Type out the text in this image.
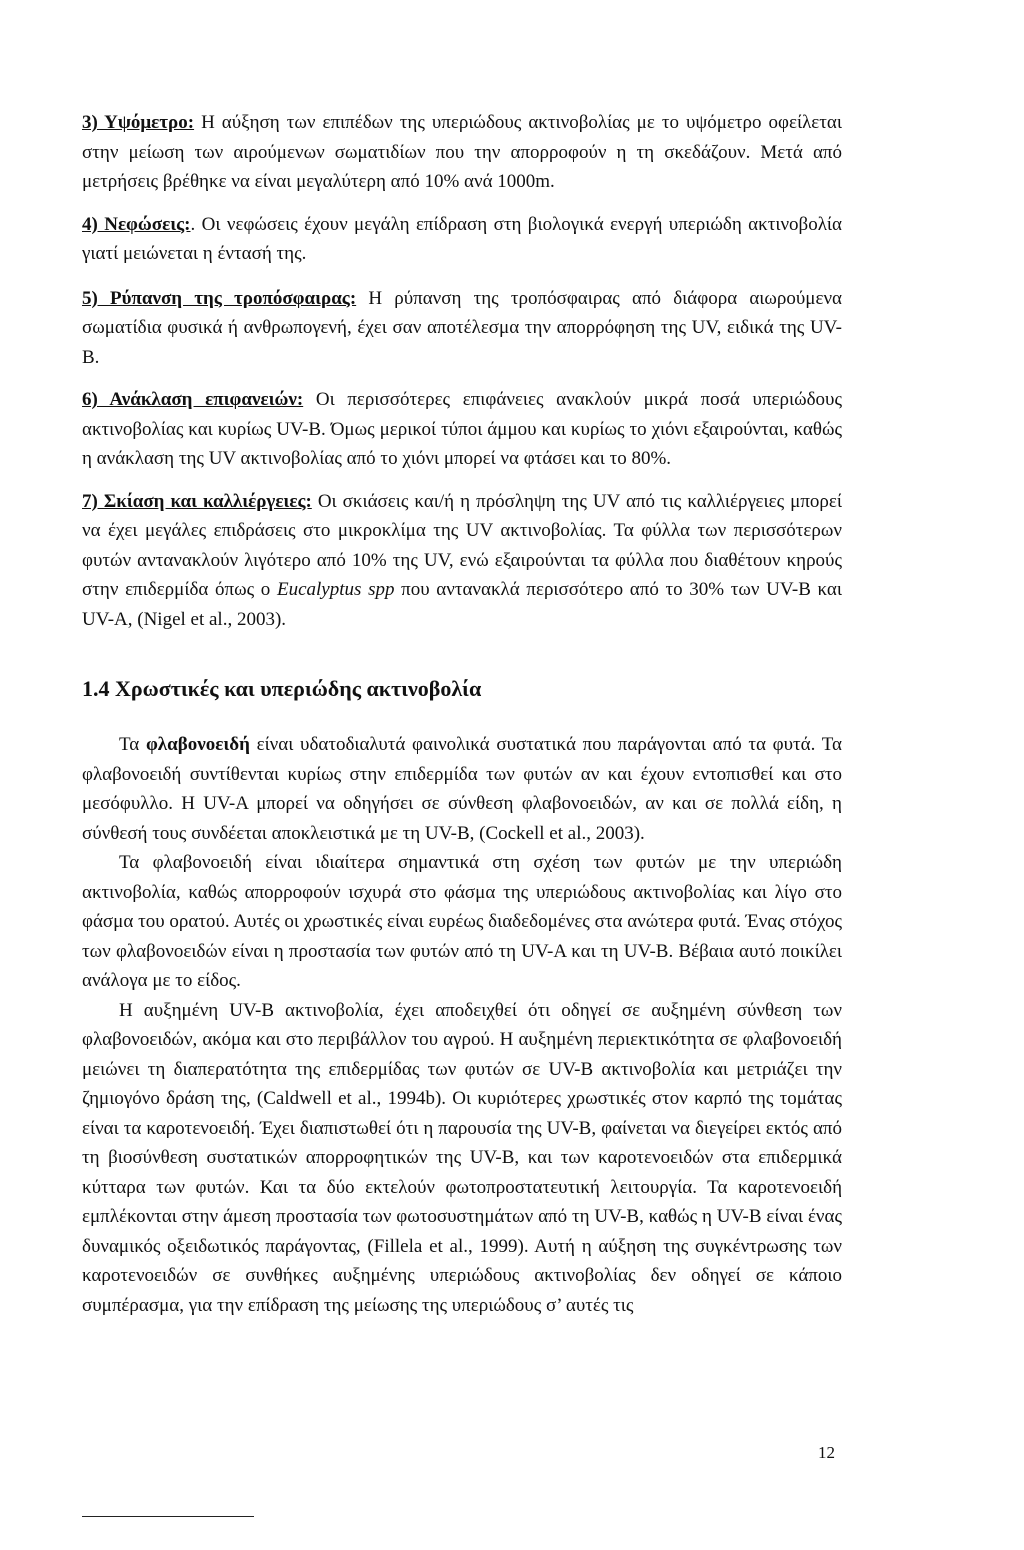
3) Υψόμετρο: Η αύξηση των επιπέδων της υπεριώδους ακτινοβολίας με το υψόμετρο οφείλεται στην μείωση των αιρούμενων σωματιδίων που την απορροφούν η τη σκεδάζουν. Μετά από μετρήσεις βρέθηκε να είναι μεγαλύτερη από 10% ανά 1000m.

4) Νεφώσεις:. Οι νεφώσεις έχουν μεγάλη επίδραση στη βιολογικά ενεργή υπεριώδη ακτινοβολία γιατί μειώνεται η έντασή της.

5) Ρύπανση της τροπόσφαιρας: Η ρύπανση της τροπόσφαιρας από διάφορα αιωρούμενα σωματίδια φυσικά ή ανθρωπογενή, έχει σαν αποτέλεσμα την απορρόφηση της UV, ειδικά της UV-B.

6) Ανάκλαση επιφανειών: Οι περισσότερες επιφάνειες ανακλούν μικρά ποσά υπεριώδους ακτινοβολίας και κυρίως UV-B. Όμως μερικοί τύποι άμμου και κυρίως το χιόνι εξαιρούνται, καθώς η ανάκλαση της UV ακτινοβολίας από το χιόνι μπορεί να φτάσει και το 80%.

7) Σκίαση και καλλιέργειες: Οι σκιάσεις και/ή η πρόσληψη της UV από τις καλλιέργειες μπορεί να έχει μεγάλες επιδράσεις στο μικροκλίμα της UV ακτινοβολίας. Τα φύλλα των περισσότερων φυτών αντανακλούν λιγότερο από 10% της UV, ενώ εξαιρούνται τα φύλλα που διαθέτουν κηρούς στην επιδερμίδα όπως ο Eucalyptus spp που αντανακλά περισσότερο από το 30% των UV-B και UV-A, (Nigel et al., 2003).

1.4 Χρωστικές και υπεριώδης ακτινοβολία

Τα φλαβονοειδή είναι υδατοδιαλυτά φαινολικά συστατικά που παράγονται από τα φυτά. Τα φλαβονοειδή συντίθενται κυρίως στην επιδερμίδα των φυτών αν και έχουν εντοπισθεί και στο μεσόφυλλο. Η UV-A μπορεί να οδηγήσει σε σύνθεση φλαβονοειδών, αν και σε πολλά είδη, η σύνθεσή τους συνδέεται αποκλειστικά με τη UV-B, (Cockell et al., 2003).

Τα φλαβονοειδή είναι ιδιαίτερα σημαντικά στη σχέση των φυτών με την υπεριώδη ακτινοβολία, καθώς απορροφούν ισχυρά στο φάσμα της υπεριώδους ακτινοβολίας και λίγο στο φάσμα του ορατού. Αυτές οι χρωστικές είναι ευρέως διαδεδομένες στα ανώτερα φυτά. Ένας στόχος των φλαβονοειδών είναι η προστασία των φυτών από τη UV-A και τη UV-B. Βέβαια αυτό ποικίλει ανάλογα με το είδος.

Η αυξημένη UV-B ακτινοβολία, έχει αποδειχθεί ότι οδηγεί σε αυξημένη σύνθεση των φλαβονοειδών, ακόμα και στο περιβάλλον του αγρού. Η αυξημένη περιεκτικότητα σε φλαβονοειδή μειώνει τη διαπερατότητα της επιδερμίδας των φυτών σε UV-B ακτινοβολία και μετριάζει την ζημιογόνο δράση της, (Caldwell et al., 1994b). Οι κυριότερες χρωστικές στον καρπό της τομάτας είναι τα καροτενοειδή. Έχει διαπιστωθεί ότι η παρουσία της UV-B, φαίνεται να διεγείρει εκτός από τη βιοσύνθεση συστατικών απορροφητικών της UV-B, και των καροτενοειδών στα επιδερμικά κύτταρα των φυτών. Και τα δύο εκτελούν φωτοπροστατευτική λειτουργία. Τα καροτενοειδή εμπλέκονται στην άμεση προστασία των φωτοσυστημάτων από τη UV-B, καθώς η UV-B είναι ένας δυναμικός οξειδωτικός παράγοντας, (Fillela et al., 1999). Αυτή η αύξηση της συγκέντρωσης των καροτενοειδών σε συνθήκες αυξημένης υπεριώδους ακτινοβολίας δεν οδηγεί σε κάποιο συμπέρασμα, για την επίδραση της μείωσης της υπεριώδους σ’ αυτές τις

12
